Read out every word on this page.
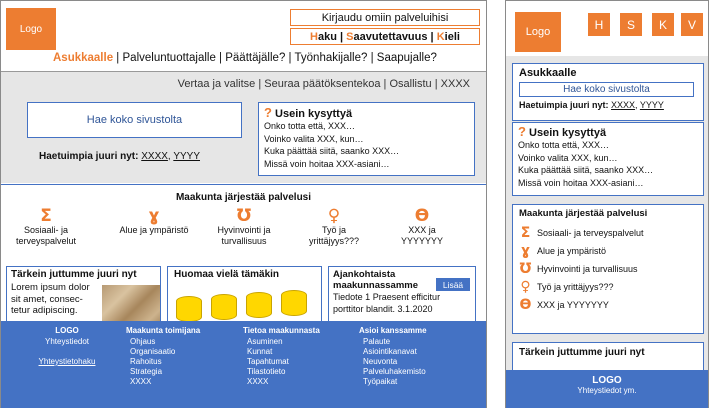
Logo
Kirjaudu omiin palveluihisi
Haku | Saavutettavuus | Kieli
Asukkaalle | Palveluntuottajalle | Päättäjälle? | Työnhakijalle? | Saapujalle?
Vertaa ja valitse | Seuraa päätöksentekoa | Osallistu | XXXX
Hae koko sivustolta
Haetuimpia juuri nyt: XXXX, YYYY
? Usein kysyttyä
Onko totta että, XXX…
Voinko valita XXX, kun…
Kuka päättää siitä, saanko XXX…
Missä voin hoitaa XXX-asiani…
Maakunta järjestää palvelusi
Σ
Sosiaali- ja terveyspalvelut
ɣ
Alue ja ympäristö
Ʊ
Hyvinvointi ja turvallisuus
♀
Työ ja yrittäjyys???
ϴ
XXX ja YYYYYYY
Tärkein juttumme juuri nyt
Lorem ipsum dolor sit amet, consec-tetur adipiscing.
Huomaa vielä tämäkin	Ajankohtaista maakunnassamme	Lisää
Tiedote 1 Praesent efficitur porttitor blandit. 3.1.2020
LOGO
Yhteystiedot
Yhteystietohaku
Maakunta toimijana
Ohjaus
Organisaatio
Rahoitus
Strategia
XXXX
Tietoa maakunnasta
Asuminen
Kunnat
Tapahtumat
Tilastotieto
XXXX
Asioi kanssamme
Palaute
Asiointikanavat
Neuvonta
Palveluhakemisto
Työpaikat
Logo
H S K V
Asukkaalle
Hae koko sivustolta
Haetuimpia juuri nyt: XXXX, YYYY
? Usein kysyttyä
Onko totta että, XXX…
Voinko valita XXX, kun…
Kuka päättää siitä, saanko XXX…
Missä voin hoitaa XXX-asiani…
Maakunta järjestää palvelusi
Σ Sosiaali- ja terveyspalvelut
ɣ Alue ja ympäristö
Ʊ Hyvinvointi ja turvallisuus
♀ Työ ja yrittäjyys???
ϴ XXX ja YYYYYYY
Tärkein juttumme juuri nyt
LOGO
Yhteystiedot ym.
